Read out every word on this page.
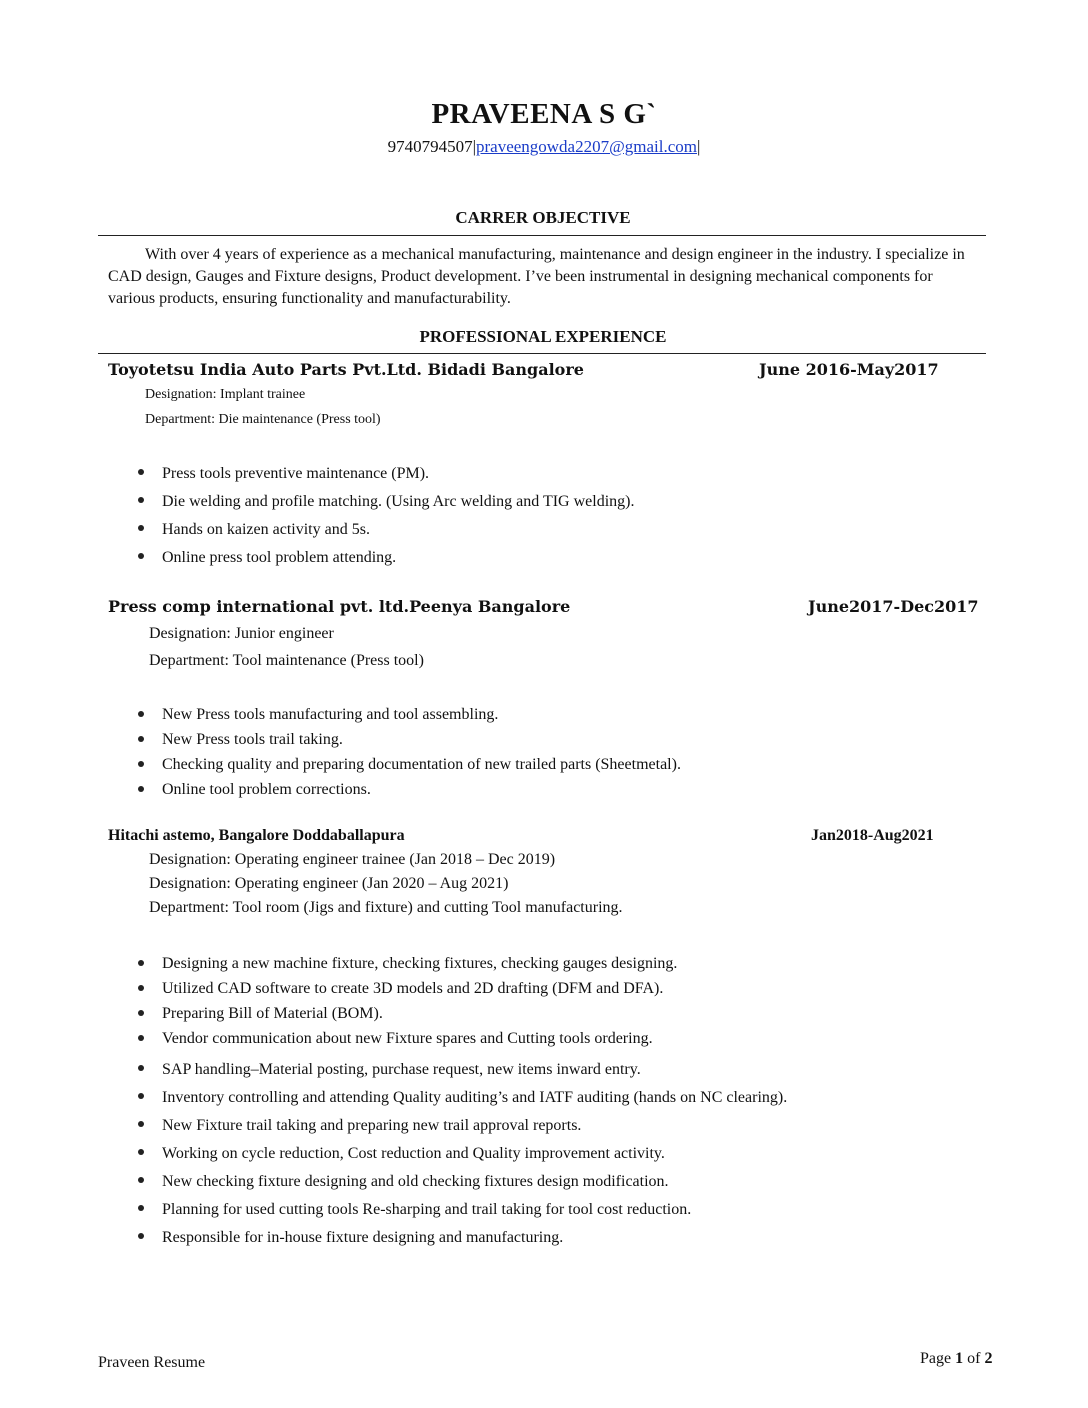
PRAVEENA S G`
9740794507|praveengowda2207@gmail.com|
CARRER OBJECTIVE
With over 4 years of experience as a mechanical manufacturing, maintenance and design engineer in the industry. I specialize in CAD design, Gauges and Fixture designs, Product development. I’ve been instrumental in designing mechanical components for various products, ensuring functionality and manufacturability.
PROFESSIONAL EXPERIENCE
Toyotetsu India Auto Parts Pvt.Ltd. Bidadi Bangalore	June 2016-May2017
Designation: Implant trainee
Department: Die maintenance (Press tool)
Press tools preventive maintenance (PM).
Die welding and profile matching. (Using Arc welding and TIG welding).
Hands on kaizen activity and 5s.
Online press tool problem attending.
Press comp international pvt. ltd.Peenya Bangalore	June2017-Dec2017
Designation: Junior engineer
Department: Tool maintenance (Press tool)
New Press tools manufacturing and tool assembling.
New Press tools trail taking.
Checking quality and preparing documentation of new trailed parts (Sheetmetal).
Online tool problem corrections.
Hitachi astemo, Bangalore Doddaballapura	Jan2018-Aug2021
Designation: Operating engineer trainee (Jan 2018 – Dec 2019)
Designation: Operating engineer (Jan 2020 – Aug 2021)
Department: Tool room (Jigs and fixture) and cutting Tool manufacturing.
Designing a new machine fixture, checking fixtures, checking gauges designing.
Utilized CAD software to create 3D models and 2D drafting (DFM and DFA).
Preparing Bill of Material (BOM).
Vendor communication about new Fixture spares and Cutting tools ordering.
SAP handling–Material posting, purchase request, new items inward entry.
Inventory controlling and attending Quality auditing’s and IATF auditing (hands on NC clearing).
New Fixture trail taking and preparing new trail approval reports.
Working on cycle reduction, Cost reduction and Quality improvement activity.
New checking fixture designing and old checking fixtures design modification.
Planning for used cutting tools Re-sharping and trail taking for tool cost reduction.
Responsible for in-house fixture designing and manufacturing.
Praveen Resume	Page 1 of 2
